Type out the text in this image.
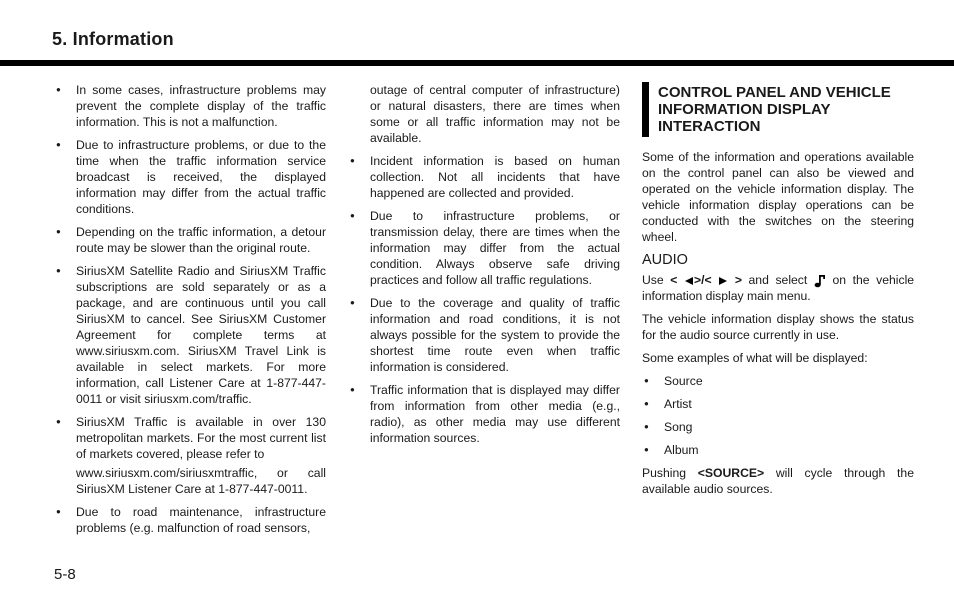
5. Information
● In some cases, infrastructure problems may prevent the complete display of the traffic information. This is not a malfunction.
● Due to infrastructure problems, or due to the time when the traffic information service broadcast is received, the displayed information may differ from the actual traffic conditions.
● Depending on the traffic information, a detour route may be slower than the original route.
● SiriusXM Satellite Radio and SiriusXM Traffic subscriptions are sold separately or as a package, and are continuous until you call SiriusXM to cancel. See SiriusXM Customer Agreement for complete terms at www.siriusxm.com. SiriusXM Travel Link is available in select markets. For more information, call Listener Care at 1-877-447-0011 or visit siriusxm.com/traffic.
● SiriusXM Traffic is available in over 130 metropolitan markets. For the most current list of markets covered, please refer to
www.siriusxm.com/siriusxmtraffic, or call SiriusXM Listener Care at 1-877-447-0011.
● Due to road maintenance, infrastructure problems (e.g. malfunction of road sensors,
outage of central computer of infrastructure) or natural disasters, there are times when some or all traffic information may not be available.
● Incident information is based on human collection. Not all incidents that have happened are collected and provided.
● Due to infrastructure problems, or transmission delay, there are times when the information may differ from the actual condition. Always observe safe driving practices and follow all traffic regulations.
● Due to the coverage and quality of traffic information and road conditions, it is not always possible for the system to provide the shortest time route even when traffic information is considered.
● Traffic information that is displayed may differ from information from other media (e.g., radio), as other media may use different information sources.
CONTROL PANEL AND VEHICLE INFORMATION DISPLAY INTERACTION
Some of the information and operations available on the control panel can also be viewed and operated on the vehicle information display. The vehicle information display operations can be conducted with the switches on the steering wheel.
AUDIO
Use < >/< > and select on the vehicle information display main menu.
The vehicle information display shows the status for the audio source currently in use.
Some examples of what will be displayed:
● Source
● Artist
● Song
● Album
Pushing <SOURCE> will cycle through the available audio sources.
5-8
